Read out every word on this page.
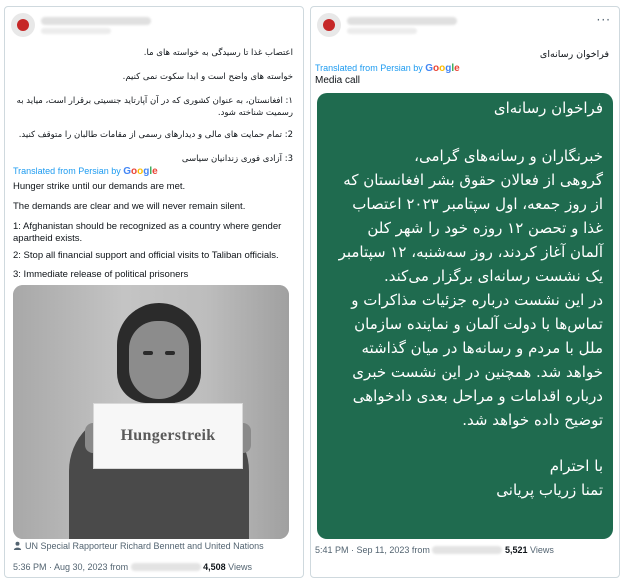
اعتصاب غذا تا رسیدگی به خواسته های ما.
خواسته های واضح است و ابدا سکوت نمی کنیم.
۱: افغانستان، به عنوان کشوری که در آن آپارتاید جنسیتی برقرار است، میاید به
رسمیت شناخته شود.
2: تمام حمایت های مالی و دیدارهای رسمی از مقامات طالبان را متوقف کنید.
3: آزادی فوری زندانیان سیاسی
Translated from Persian by Google
Hunger strike until our demands are met.
The demands are clear and we will never remain silent.
1: Afghanistan should be recognized as a country where gender
apartheid exists.
2: Stop all financial support and official visits to Taliban officials.
3: Immediate release of political prisoners
Hungerstreik
UN Special Rapporteur Richard Bennett and United Nations
5:36 PM · Aug 30, 2023 from	4,508 Views
···
فراخوان رسانه‌ای
Translated from Persian by Google
Media call
فراخوان رسانه‌ای
خبرنگاران و رسانه‌های گرامی،
گروهی از فعالان حقوق بشر افغانستان که
از روز جمعه، اول سپتامبر ۲۰۲۳ اعتصاب
غذا و تحصن ۱۲ روزه خود را شهر کلن
آلمان آغاز کردند، روز سه‌شنبه، ۱۲ سپتامبر
یک نشست رسانه‌ای برگزار می‌کند.
در این نشست درباره جزئیات مذاکرات و
تماس‌ها با دولت آلمان و نماینده سازمان
ملل با مردم و رسانه‌ها در میان گذاشته
خواهد شد. همچنین در این نشست خبری
درباره اقدامات و مراحل بعدی دادخواهی
توضیح داده خواهد شد.
با احترام
تمنا زریاب پریانی
5:41 PM · Sep 11, 2023 from	5,521 Views
